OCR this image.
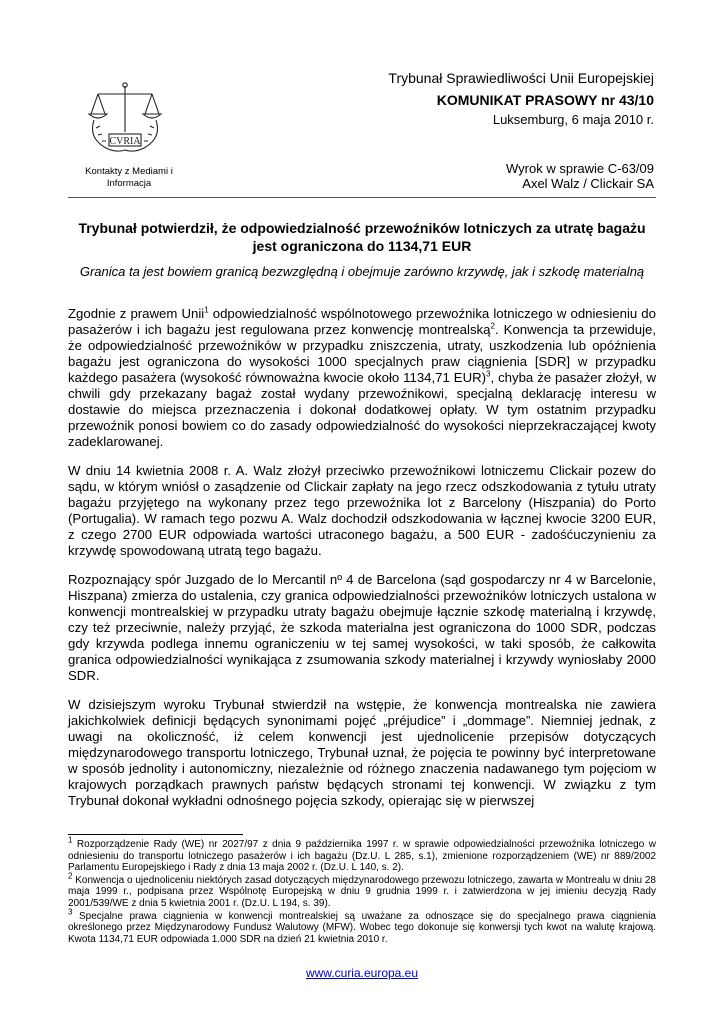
CVRIA
Kontakty z Mediami i Informacja
Trybunał Sprawiedliwości Unii Europejskiej
KOMUNIKAT PRASOWY nr 43/10
Luksemburg, 6 maja 2010 r.
Wyrok w sprawie C-63/09
Axel Walz / Clickair SA
Trybunał potwierdził, że odpowiedzialność przewoźników lotniczych za utratę bagażu jest ograniczona do 1134,71 EUR
Granica ta jest bowiem granicą bezwzględną i obejmuje zarówno krzywdę, jak i szkodę materialną

Zgodnie z prawem Unii$^1$ odpowiedzialność wspólnotowego przewoźnika lotniczego w odniesieniu do pasażerów i ich bagażu jest regulowana przez konwencję montrealską$^2$. Konwencja ta przewiduje, że odpowiedzialność przewoźników w przypadku zniszczenia, utraty, uszkodzenia lub opóźnienia bagażu jest ograniczona do wysokości 1000 specjalnych praw ciągnienia [SDR] w przypadku każdego pasażera (wysokość równoważna kwocie około 1134,71 EUR)$^3$, chyba że pasażer złożył, w chwili gdy przekazany bagaż został wydany przewoźnikowi, specjalną deklarację interesu w dostawie do miejsca przeznaczenia i dokonał dodatkowej opłaty. W tym ostatnim przypadku przewoźnik ponosi bowiem co do zasady odpowiedzialność do wysokości nieprzekraczającej kwoty zadeklarowanej.

W dniu 14 kwietnia 2008 r. A. Walz złożył przeciwko przewoźnikowi lotniczemu Clickair pozew do sądu, w którym wniósł o zasądzenie od Clickair zapłaty na jego rzecz odszkodowania z tytułu utraty bagażu przyjętego na wykonany przez tego przewoźnika lot z Barcelony (Hiszpania) do Porto (Portugalia). W ramach tego pozwu A. Walz dochodził odszkodowania w łącznej kwocie 3200 EUR, z czego 2700 EUR odpowiada wartości utraconego bagażu, a 500 EUR - zadośćuczynieniu za krzywdę spowodowaną utratą tego bagażu.

Rozpoznający spór Juzgado de lo Mercantil nº 4 de Barcelona (sąd gospodarczy nr 4 w Barcelonie, Hiszpana) zmierza do ustalenia, czy granica odpowiedzialności przewoźników lotniczych ustalona w konwencji montrealskiej w przypadku utraty bagażu obejmuje łącznie szkodę materialną i krzywdę, czy też przeciwnie, należy przyjąć, że szkoda materialna jest ograniczona do 1000 SDR, podczas gdy krzywda podlega innemu ograniczeniu w tej samej wysokości, w taki sposób, że całkowita granica odpowiedzialności wynikająca z zsumowania szkody materialnej i krzywdy wyniosłaby 2000 SDR.

W dzisiejszym wyroku Trybunał stwierdził na wstępie, że konwencja montrealska nie zawiera jakichkolwiek definicji będących synonimami pojęć „préjudice” i „dommage”. Niemniej jednak, z uwagi na okoliczność, iż celem konwencji jest ujednolicenie przepisów dotyczących międzynarodowego transportu lotniczego, Trybunał uznał, że pojęcia te powinny być interpretowane w sposób jednolity i autonomiczny, niezależnie od różnego znaczenia nadawanego tym pojęciom w krajowych porządkach prawnych państw będących stronami tej konwencji. W związku z tym Trybunał dokonał wykładni odnośnego pojęcia szkody, opierając się w pierwszej

$^1$ Rozporządzenie Rady (WE) nr 2027/97 z dnia 9 października 1997 r. w sprawie odpowiedzialności przewoźnika lotniczego w odniesieniu do transportu lotniczego pasażerów i ich bagażu (Dz.U. L 285, s.1), zmienione rozporządzeniem (WE) nr 889/2002 Parlamentu Europejskiego i Rady z dnia 13 maja 2002 r. (Dz.U. L 140, s. 2).

$^2$ Konwencja o ujednoliceniu niektórych zasad dotyczących międzynarodowego przewozu lotniczego, zawarta w Montrealu w dniu 28 maja 1999 r., podpisana przez Wspólnotę Europejską w dniu 9 grudnia 1999 r. i zatwierdzona w jej imieniu decyzją Rady 2001/539/WE z dnia 5 kwietnia 2001 r. (Dz.U. L 194, s. 39).

$^3$ Specjalne prawa ciągnienia w konwencji montrealskiej są uważane za odnoszące się do specjalnego prawa ciągnienia określonego przez Międzynarodowy Fundusz Walutowy (MFW). Wobec tego dokonuje się konwersji tych kwot na walutę krajową. Kwota 1134,71 EUR odpowiada 1.000 SDR na dzień 21 kwietnia 2010 r.

www.curia.europa.eu
